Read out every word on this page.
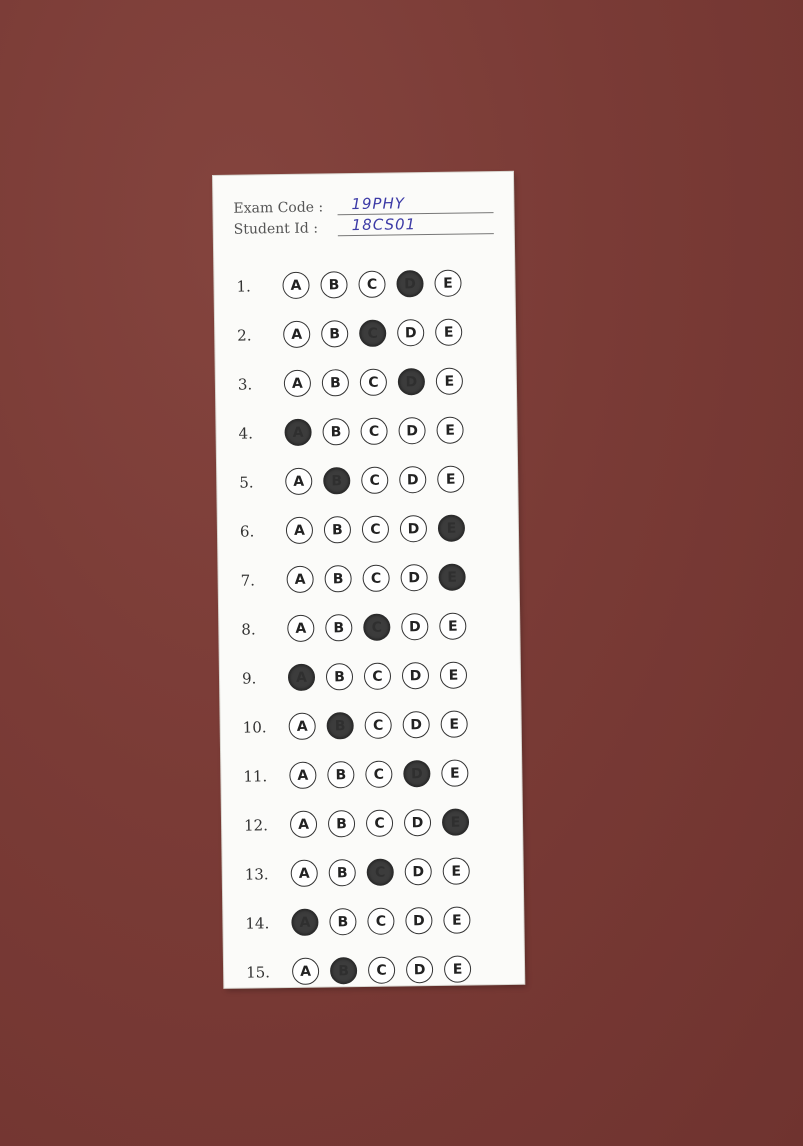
Exam Code :	19PHY
Student Id :	18CS01
1.	A	B	C	D	E
2.	A	B	C	D	E
3.	A	B	C	D	E
4.	A	B	C	D	E
5.	A	B	C	D	E
6.	A	B	C	D	E
7.	A	B	C	D	E
8.	A	B	C	D	E
9.	A	B	C	D	E
10.	A	B	C	D	E
11.	A	B	C	D	E
12.	A	B	C	D	E
13.	A	B	C	D	E
14.	A	B	C	D	E
15.	A	B	C	D	E
